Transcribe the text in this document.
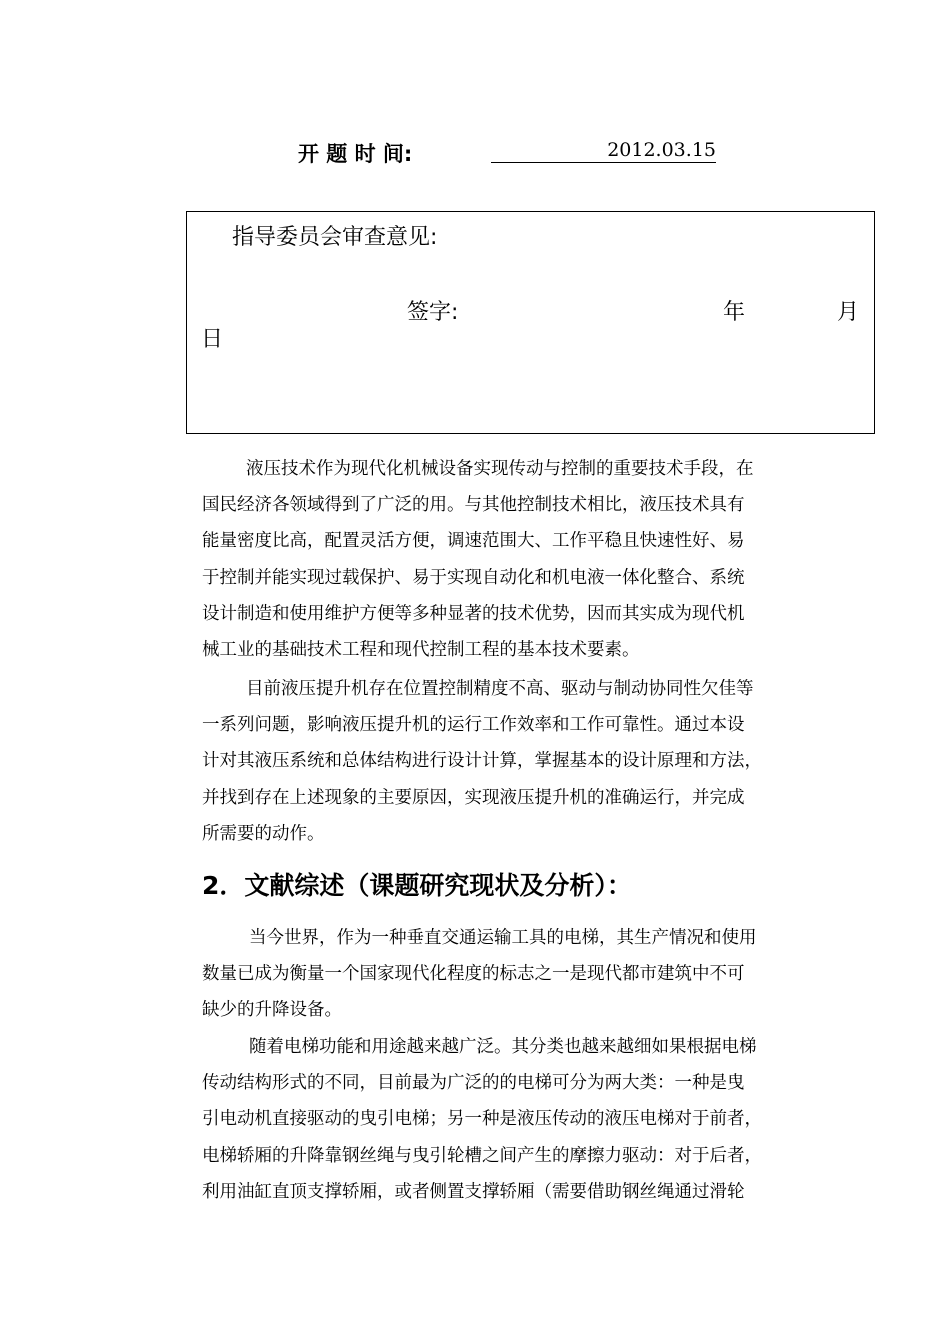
开 题 时 间:	2012.03.15
指导委员会审查意见:
签字:	年	月
日

液压技术作为现代化机械设备实现传动与控制的重要技术手段，在
国民经济各领域得到了广泛的用。与其他控制技术相比，液压技术具有
能量密度比高，配置灵活方便，调速范围大、工作平稳且快速性好、易
于控制并能实现过载保护、易于实现自动化和机电液一体化整合、系统
设计制造和使用维护方便等多种显著的技术优势，因而其实成为现代机
械工业的基础技术工程和现代控制工程的基本技术要素。

目前液压提升机存在位置控制精度不高、驱动与制动协同性欠佳等
一系列问题，影响液压提升机的运行工作效率和工作可靠性。通过本设
计对其液压系统和总体结构进行设计计算，掌握基本的设计原理和方法，
并找到存在上述现象的主要原因，实现液压提升机的准确运行，并完成
所需要的动作。

2．文献综述（课题研究现状及分析）：

当今世界，作为一种垂直交通运输工具的电梯，其生产情况和使用
数量已成为衡量一个国家现代化程度的标志之一是现代都市建筑中不可
缺少的升降设备。

随着电梯功能和用途越来越广泛。其分类也越来越细如果根据电梯
传动结构形式的不同，目前最为广泛的的电梯可分为两大类：一种是曳
引电动机直接驱动的曳引电梯；另一种是液压传动的液压电梯对于前者，
电梯轿厢的升降靠钢丝绳与曳引轮槽之间产生的摩擦力驱动：对于后者，
利用油缸直顶支撑轿厢，或者侧置支撑轿厢（需要借助钢丝绳通过滑轮
